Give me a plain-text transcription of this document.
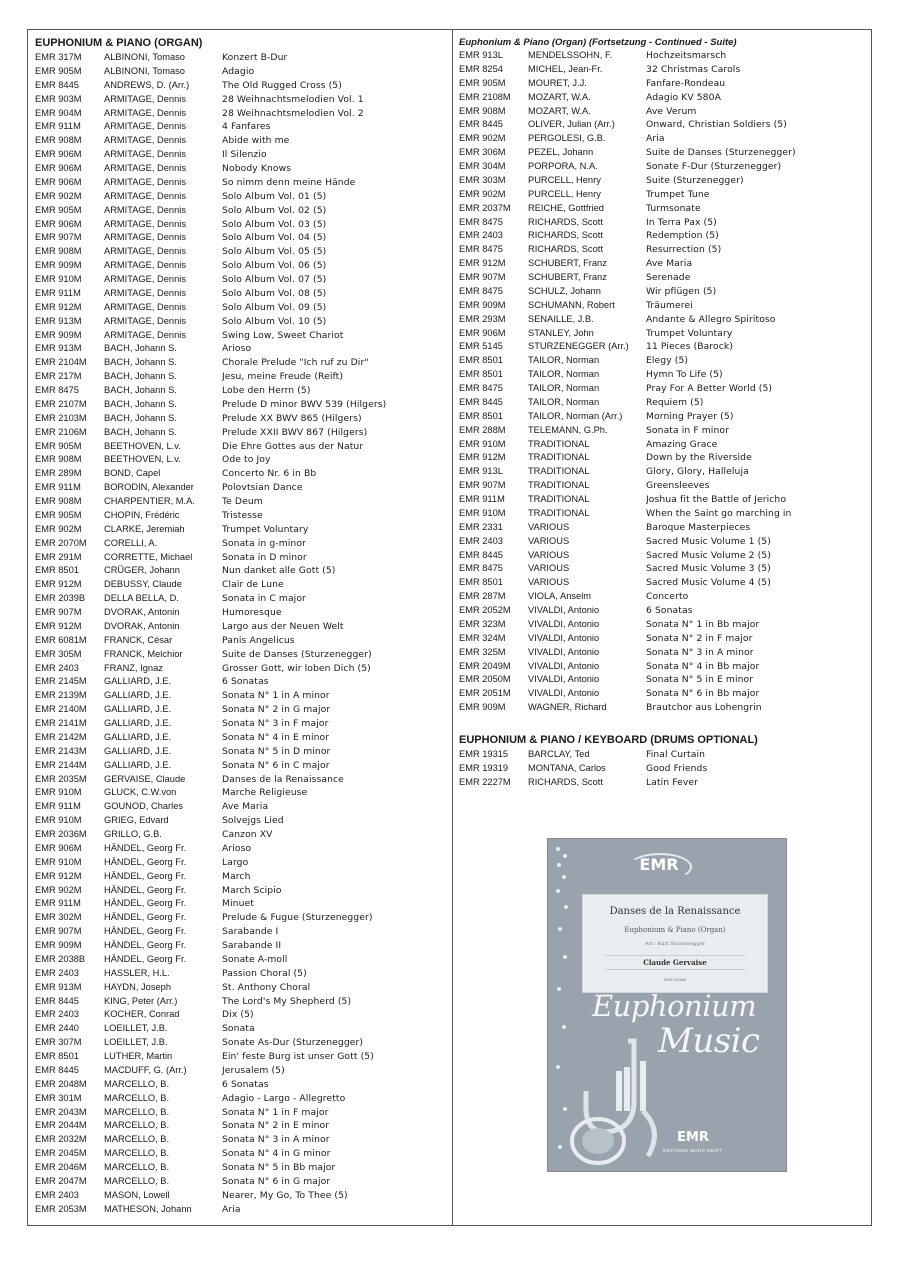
EUPHONIUM & PIANO (ORGAN)
EMR 317M	ALBINONI, Tomaso	Konzert B-Dur
EMR 905M	ALBINONI, Tomaso	Adagio
EMR 8445	ANDREWS, D. (Arr.)	The Old Rugged Cross (5)
EMR 903M	ARMITAGE, Dennis	28 Weihnachtsmelodien Vol. 1
EMR 904M	ARMITAGE, Dennis	28 Weihnachtsmelodien Vol. 2
EMR 911M	ARMITAGE, Dennis	4 Fanfares
EMR 908M	ARMITAGE, Dennis	Abide with me
EMR 906M	ARMITAGE, Dennis	Il Silenzio
EMR 906M	ARMITAGE, Dennis	Nobody Knows
EMR 906M	ARMITAGE, Dennis	So nimm denn meine Hände
EMR 902M	ARMITAGE, Dennis	Solo Album Vol. 01 (5)
EMR 905M	ARMITAGE, Dennis	Solo Album Vol. 02 (5)
EMR 906M	ARMITAGE, Dennis	Solo Album Vol. 03 (5)
EMR 907M	ARMITAGE, Dennis	Solo Album Vol. 04 (5)
EMR 908M	ARMITAGE, Dennis	Solo Album Vol. 05 (5)
EMR 909M	ARMITAGE, Dennis	Solo Album Vol. 06 (5)
EMR 910M	ARMITAGE, Dennis	Solo Album Vol. 07 (5)
EMR 911M	ARMITAGE, Dennis	Solo Album Vol. 08 (5)
EMR 912M	ARMITAGE, Dennis	Solo Album Vol. 09 (5)
EMR 913M	ARMITAGE, Dennis	Solo Album Vol. 10 (5)
EMR 909M	ARMITAGE, Dennis	Swing Low, Sweet Chariot
EMR 913M	BACH, Johann S.	Arioso
EMR 2104M	BACH, Johann S.	Chorale Prelude "Ich ruf zu Dir"
EMR 217M	BACH, Johann S.	Jesu, meine Freude (Reift)
EMR 8475	BACH, Johann S.	Lobe den Herrn (5)
EMR 2107M	BACH, Johann S.	Prelude D minor BWV 539 (Hilgers)
EMR 2103M	BACH, Johann S.	Prelude XX BWV 865 (Hilgers)
EMR 2106M	BACH, Johann S.	Prelude XXII BWV 867 (Hilgers)
EMR 905M	BEETHOVEN, L.v.	Die Ehre Gottes aus der Natur
EMR 908M	BEETHOVEN, L.v.	Ode to Joy
EMR 289M	BOND, Capel	Concerto Nr. 6 in Bb
EMR 911M	BORODIN, Alexander	Polovtsian Dance
EMR 908M	CHARPENTIER, M.A.	Te Deum
EMR 905M	CHOPIN, Frédéric	Tristesse
EMR 902M	CLARKE, Jeremiah	Trumpet Voluntary
EMR 2070M	CORELLI, A.	Sonata in g-minor
EMR 291M	CORRETTE, Michael	Sonata in D minor
EMR 8501	CRÜGER, Johann	Nun danket alle Gott (5)
EMR 912M	DEBUSSY, Claude	Clair de Lune
EMR 2039B	DELLA BELLA, D.	Sonata in C major
EMR 907M	DVORAK, Antonin	Humoresque
EMR 912M	DVORAK, Antonin	Largo aus der Neuen Welt
EMR 6081M	FRANCK, César	Panis Angelicus
EMR 305M	FRANCK, Melchior	Suite de Danses (Sturzenegger)
EMR 2403	FRANZ, Ignaz	Grosser Gott, wir loben Dich (5)
EMR 2145M	GALLIARD, J.E.	6 Sonatas
EMR 2139M	GALLIARD, J.E.	Sonata N° 1 in A minor
EMR 2140M	GALLIARD, J.E.	Sonata N° 2 in G major
EMR 2141M	GALLIARD, J.E.	Sonata N° 3 in F major
EMR 2142M	GALLIARD, J.E.	Sonata N° 4 in E minor
EMR 2143M	GALLIARD, J.E.	Sonata N° 5 in D minor
EMR 2144M	GALLIARD, J.E.	Sonata N° 6 in C major
EMR 2035M	GERVAISE, Claude	Danses de la Renaissance
EMR 910M	GLUCK, C.W.von	Marche Religieuse
EMR 911M	GOUNOD, Charles	Ave Maria
EMR 910M	GRIEG, Edvard	Solvejgs Lied
EMR 2036M	GRILLO, G.B.	Canzon XV
EMR 906M	HÄNDEL, Georg Fr.	Arioso
EMR 910M	HÄNDEL, Georg Fr.	Largo
EMR 912M	HÄNDEL, Georg Fr.	March
EMR 902M	HÄNDEL, Georg Fr.	March Scipio
EMR 911M	HÄNDEL, Georg Fr.	Minuet
EMR 302M	HÄNDEL, Georg Fr.	Prelude & Fugue (Sturzenegger)
EMR 907M	HÄNDEL, Georg Fr.	Sarabande I
EMR 909M	HÄNDEL, Georg Fr.	Sarabande II
EMR 2038B	HÄNDEL, Georg Fr.	Sonate A-moll
EMR 2403	HASSLER, H.L.	Passion Choral (5)
EMR 913M	HAYDN, Joseph	St. Anthony Choral
EMR 8445	KING, Peter (Arr.)	The Lord's My Shepherd (5)
EMR 2403	KOCHER, Conrad	Dix (5)
EMR 2440	LOEILLET, J.B.	Sonata
EMR 307M	LOEILLET, J.B.	Sonate As-Dur (Sturzenegger)
EMR 8501	LUTHER, Martin	Ein' feste Burg ist unser Gott (5)
EMR 8445	MACDUFF, G. (Arr.)	Jerusalem (5)
EMR 2048M	MARCELLO, B.	6 Sonatas
EMR 301M	MARCELLO, B.	Adagio - Largo - Allegretto
EMR 2043M	MARCELLO, B.	Sonata N° 1 in F major
EMR 2044M	MARCELLO, B.	Sonata N° 2 in E minor
EMR 2032M	MARCELLO, B.	Sonata N° 3 in A minor
EMR 2045M	MARCELLO, B.	Sonata N° 4 in G minor
EMR 2046M	MARCELLO, B.	Sonata N° 5 in Bb major
EMR 2047M	MARCELLO, B.	Sonata N° 6 in G major
EMR 2403	MASON, Lowell	Nearer, My Go, To Thee (5)
EMR 2053M	MATHESON, Johann	Aria
Euphonium & Piano (Organ) (Fortsetzung - Continued - Suite)
EMR 913L	MENDELSSOHN, F.	Hochzeitsmarsch
EMR 8254	MICHEL, Jean-Fr.	32 Christmas Carols
EMR 905M	MOURET, J.J.	Fanfare-Rondeau
EMR 2108M	MOZART, W.A.	Adagio KV 580A
EMR 908M	MOZART, W.A.	Ave Verum
EMR 8445	OLIVER, Julian (Arr.)	Onward, Christian Soldiers (5)
EMR 902M	PERGOLESI, G.B.	Aria
EMR 306M	PEZEL, Johann	Suite de Danses (Sturzenegger)
EMR 304M	PORPORA, N.A.	Sonate F-Dur (Sturzenegger)
EMR 303M	PURCELL, Henry	Suite (Sturzenegger)
EMR 902M	PURCELL, Henry	Trumpet Tune
EMR 2037M	REICHE, Gottfried	Turmsonate
EMR 8475	RICHARDS, Scott	In Terra Pax (5)
EMR 2403	RICHARDS, Scott	Redemption (5)
EMR 8475	RICHARDS, Scott	Resurrection (5)
EMR 912M	SCHUBERT, Franz	Ave Maria
EMR 907M	SCHUBERT, Franz	Serenade
EMR 8475	SCHULZ, Johann	Wir pflügen (5)
EMR 909M	SCHUMANN, Robert	Träumerei
EMR 293M	SENAILLE, J.B.	Andante & Allegro Spiritoso
EMR 906M	STANLEY, John	Trumpet Voluntary
EMR 5145	STURZENEGGER (Arr.)	11 Pieces (Barock)
EMR 8501	TAILOR, Norman	Elegy (5)
EMR 8501	TAILOR, Norman	Hymn To Life (5)
EMR 8475	TAILOR, Norman	Pray For A Better World (5)
EMR 8445	TAILOR, Norman	Requiem (5)
EMR 8501	TAILOR, Norman (Arr.)	Morning Prayer (5)
EMR 288M	TELEMANN, G.Ph.	Sonata in F minor
EMR 910M	TRADITIONAL	Amazing Grace
EMR 912M	TRADITIONAL	Down by the Riverside
EMR 913L	TRADITIONAL	Glory, Glory, Halleluja
EMR 907M	TRADITIONAL	Greensleeves
EMR 911M	TRADITIONAL	Joshua fit the Battle of Jericho
EMR 910M	TRADITIONAL	When the Saint go marching in
EMR 2331	VARIOUS	Baroque Masterpieces
EMR 2403	VARIOUS	Sacred Music Volume 1 (5)
EMR 8445	VARIOUS	Sacred Music Volume 2 (5)
EMR 8475	VARIOUS	Sacred Music Volume 3 (5)
EMR 8501	VARIOUS	Sacred Music Volume 4 (5)
EMR 287M	VIOLA, Anselm	Concerto
EMR 2052M	VIVALDI, Antonio	6 Sonatas
EMR 323M	VIVALDI, Antonio	Sonata N° 1 in Bb major
EMR 324M	VIVALDI, Antonio	Sonata N° 2 in F major
EMR 325M	VIVALDI, Antonio	Sonata N° 3 in A minor
EMR 2049M	VIVALDI, Antonio	Sonata N° 4 in Bb major
EMR 2050M	VIVALDI, Antonio	Sonata N° 5 in E minor
EMR 2051M	VIVALDI, Antonio	Sonata N° 6 in Bb major
EMR 909M	WAGNER, Richard	Brautchor aus Lohengrin
EUPHONIUM & PIANO / KEYBOARD (DRUMS OPTIONAL)
EMR 19315	BARCLAY, Ted	Final Curtain
EMR 19319	MONTANA, Carlos	Good Friends
EMR 2227M	RICHARDS, Scott	Latin Fever
EMR
Danses de la Renaissance
Euphonium & Piano (Organ)
Arr.: Kurt Sturzenegger
Claude Gervaise
EMR 2035M
Euphonium
Music
EMR
EDITIONS MARC REIFT
